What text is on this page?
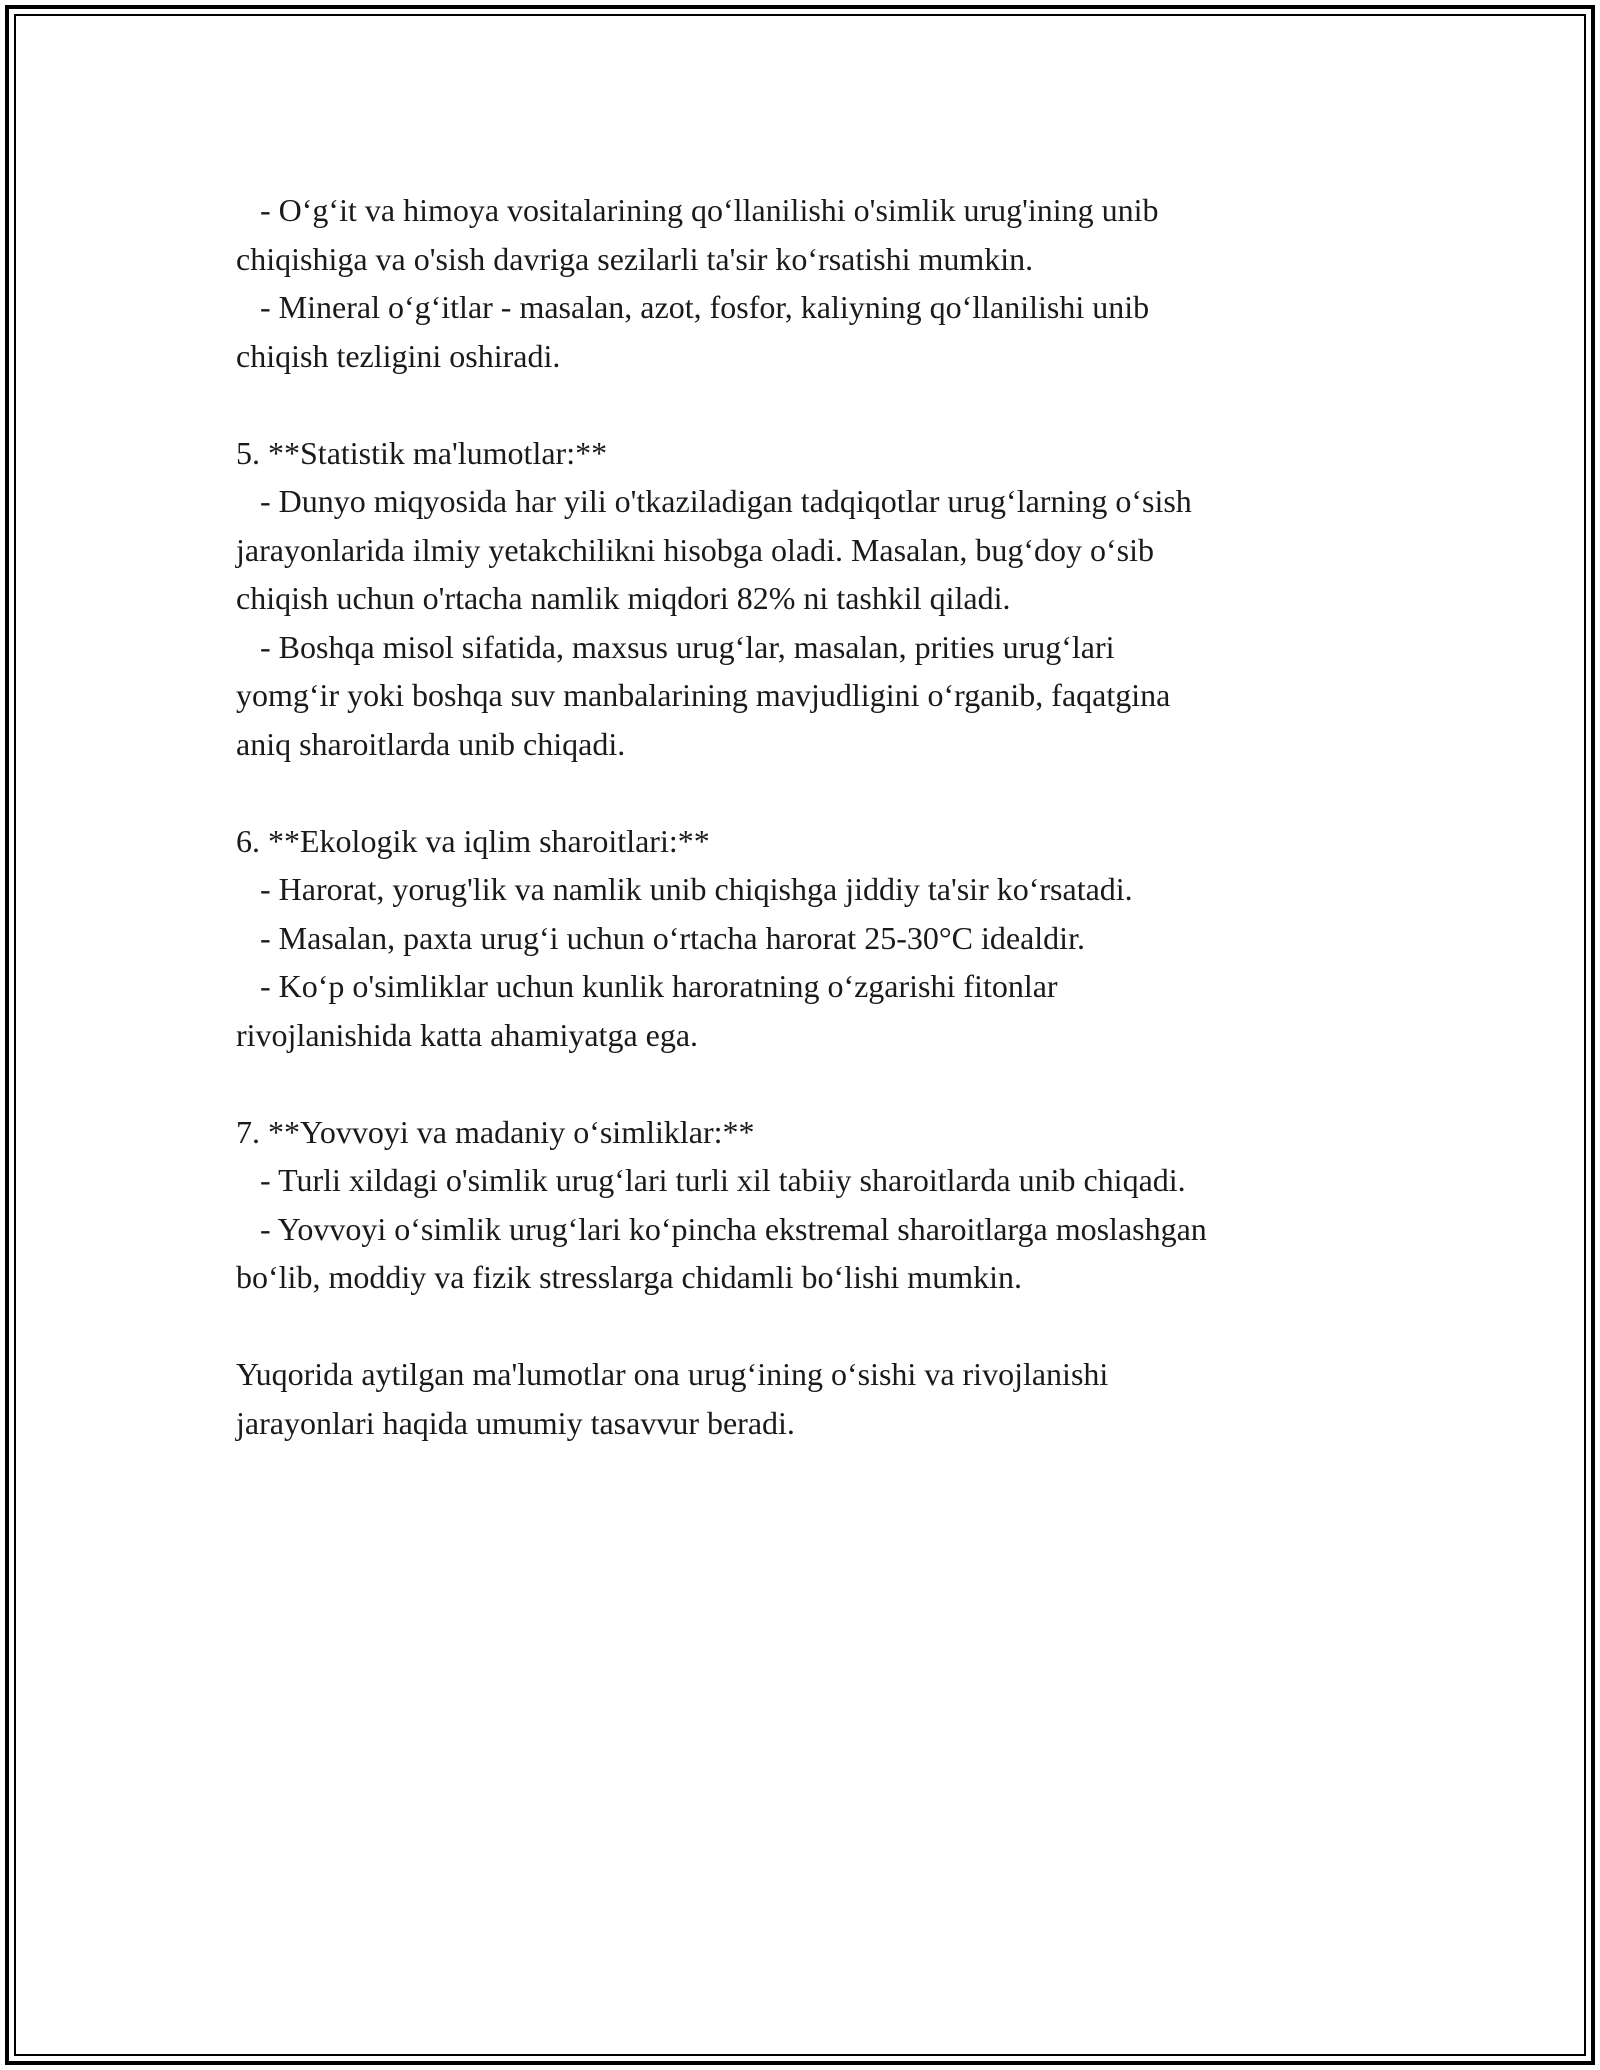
- O‘g‘it va himoya vositalarining qo‘llanilishi o'simlik urug'ining unib

chiqishiga va o'sish davriga sezilarli ta'sir ko‘rsatishi mumkin.

- Mineral o‘g‘itlar - masalan, azot, fosfor, kaliyning qo‘llanilishi unib

chiqish tezligini oshiradi.

5. **Statistik ma'lumotlar:**

- Dunyo miqyosida har yili o'tkaziladigan tadqiqotlar urug‘larning o‘sish

jarayonlarida ilmiy yetakchilikni hisobga oladi. Masalan, bug‘doy o‘sib

chiqish uchun o'rtacha namlik miqdori 82% ni tashkil qiladi.

- Boshqa misol sifatida, maxsus urug‘lar, masalan, prities urug‘lari

yomg‘ir yoki boshqa suv manbalarining mavjudligini o‘rganib, faqatgina

aniq sharoitlarda unib chiqadi.

6. **Ekologik va iqlim sharoitlari:**

- Harorat, yorug'lik va namlik unib chiqishga jiddiy ta'sir ko‘rsatadi.

- Masalan, paxta urug‘i uchun o‘rtacha harorat 25-30°C idealdir.

- Ko‘p o'simliklar uchun kunlik haroratning o‘zgarishi fitonlar

rivojlanishida katta ahamiyatga ega.

7. **Yovvoyi va madaniy o‘simliklar:**

- Turli xildagi o'simlik urug‘lari turli xil tabiiy sharoitlarda unib chiqadi.

- Yovvoyi o‘simlik urug‘lari ko‘pincha ekstremal sharoitlarga moslashgan

bo‘lib, moddiy va fizik stresslarga chidamli bo‘lishi mumkin.

Yuqorida aytilgan ma'lumotlar ona urug‘ining o‘sishi va rivojlanishi

jarayonlari haqida umumiy tasavvur beradi.
